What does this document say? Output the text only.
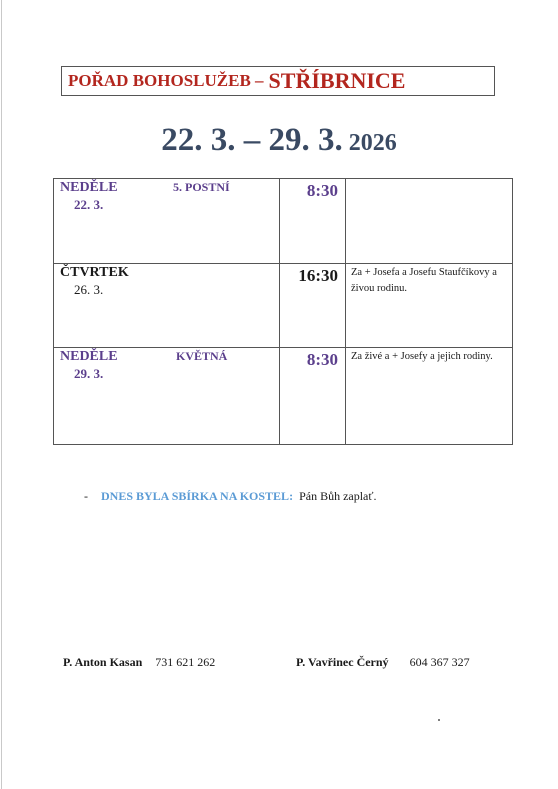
POŘAD BOHOSLUŽEB – STŘÍBRNICE
22. 3. – 29. 3. 2026
NEDĚLE
22. 3.
5. POSTNÍ	8:30	

ČTVRTEK
26. 3.	16:30	Za + Josefa a Josefu Staufčíkovy a živou rodinu.

NEDĚLE
29. 3.
KVĚTNÁ	8:30	Za živé a + Josefy a jejich rodiny.
- DNES BYLA SBÍRKA NA KOSTEL: Pán Bůh zaplať.
P. Anton Kasan 731 621 262	P. Vavřinec Černý 604 367 327
